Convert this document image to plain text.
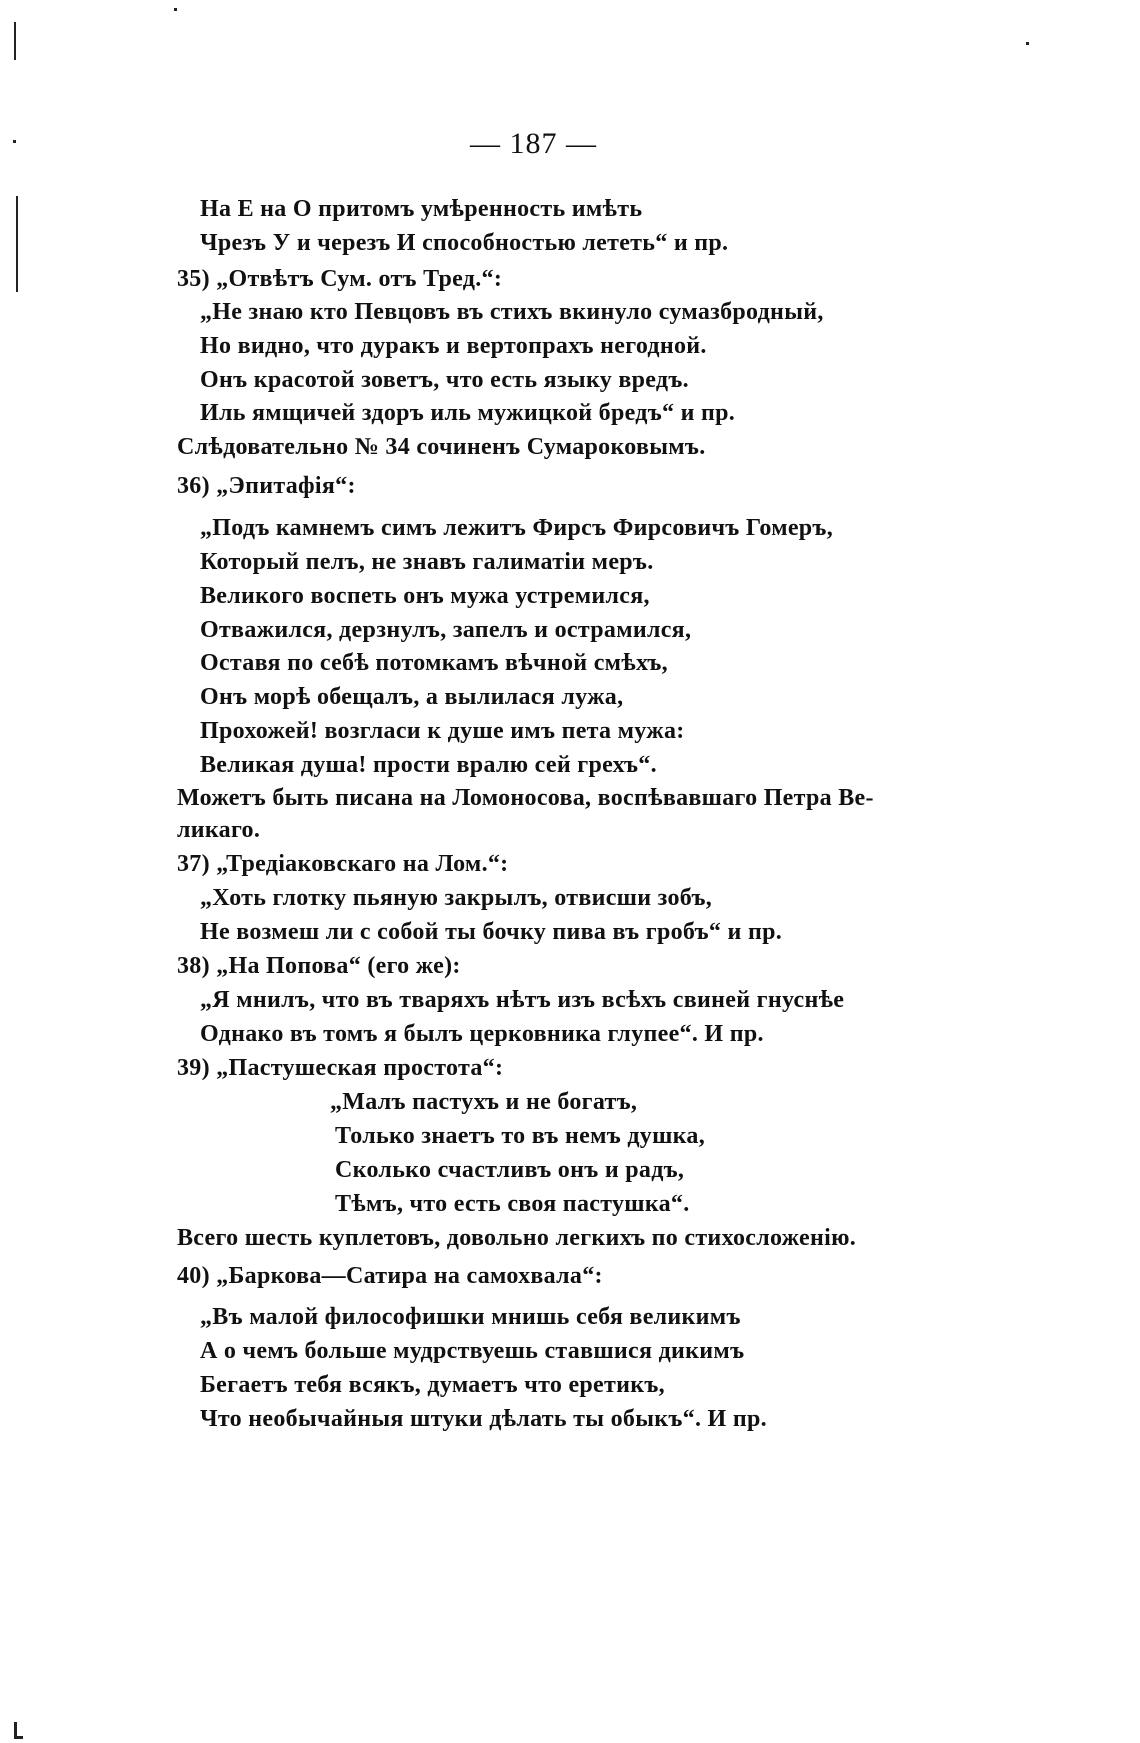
— 187 —
На Е на О притомъ умѣренность имѣть
Чрезъ У и черезъ И способностью лететь“ и пр.
35) „Отвѣтъ Сум. отъ Тред.“:
„Не знаю кто Певцовъ въ стихъ вкинуло сумазбродный,
Но видно, что дуракъ и вертопрахъ негодной.
Онъ красотой зоветъ, что есть языку вредъ.
Иль ямщичей здоръ иль мужицкой бредъ“ и пр.
Слѣдовательно № 34 сочиненъ Сумароковымъ.
36) „Эпитафія“:
„Подъ камнемъ симъ лежитъ Фирсъ Фирсовичъ Гомеръ,
Который пелъ, не знавъ галиматіи меръ.
Великого воспеть онъ мужа устремился,
Отважился, дерзнулъ, запелъ и острамился,
Оставя по себѣ потомкамъ вѣчной смѣхъ,
Онъ морѣ обещалъ, а вылилася лужа,
Прохожей! возгласи к душе имъ пета мужа:
Великая душа! прости вралю сей грехъ“.
Можетъ быть писана на Ломоносова, воспѣвавшаго Петра Ве-
ликаго.
37) „Тредіаковскаго на Лом.“:
„Хоть глотку пьяную закрылъ, отвисши зобъ,
Не возмеш ли с собой ты бочку пива въ гробъ“ и пр.
38) „На Попова“ (его же):
„Я мнилъ, что въ тваряхъ нѣтъ изъ всѣхъ свиней гнуснѣе
Однако въ томъ я былъ церковника глупее“. И пр.
39) „Пастушеская простота“:
„Малъ пастухъ и не богатъ,
Только знаетъ то въ немъ душка,
Сколько счастливъ онъ и радъ,
Тѣмъ, что есть своя пастушка“.
Всего шесть куплетовъ, довольно легкихъ по стихосложенію.
40) „Баркова—Сатира на самохвала“:
„Въ малой философишки мнишь себя великимъ
А о чемъ больше мудрствуешь ставшися дикимъ
Бегаетъ тебя всякъ, думаетъ что еретикъ,
Что необычайныя штуки дѣлать ты обыкъ“. И пр.
